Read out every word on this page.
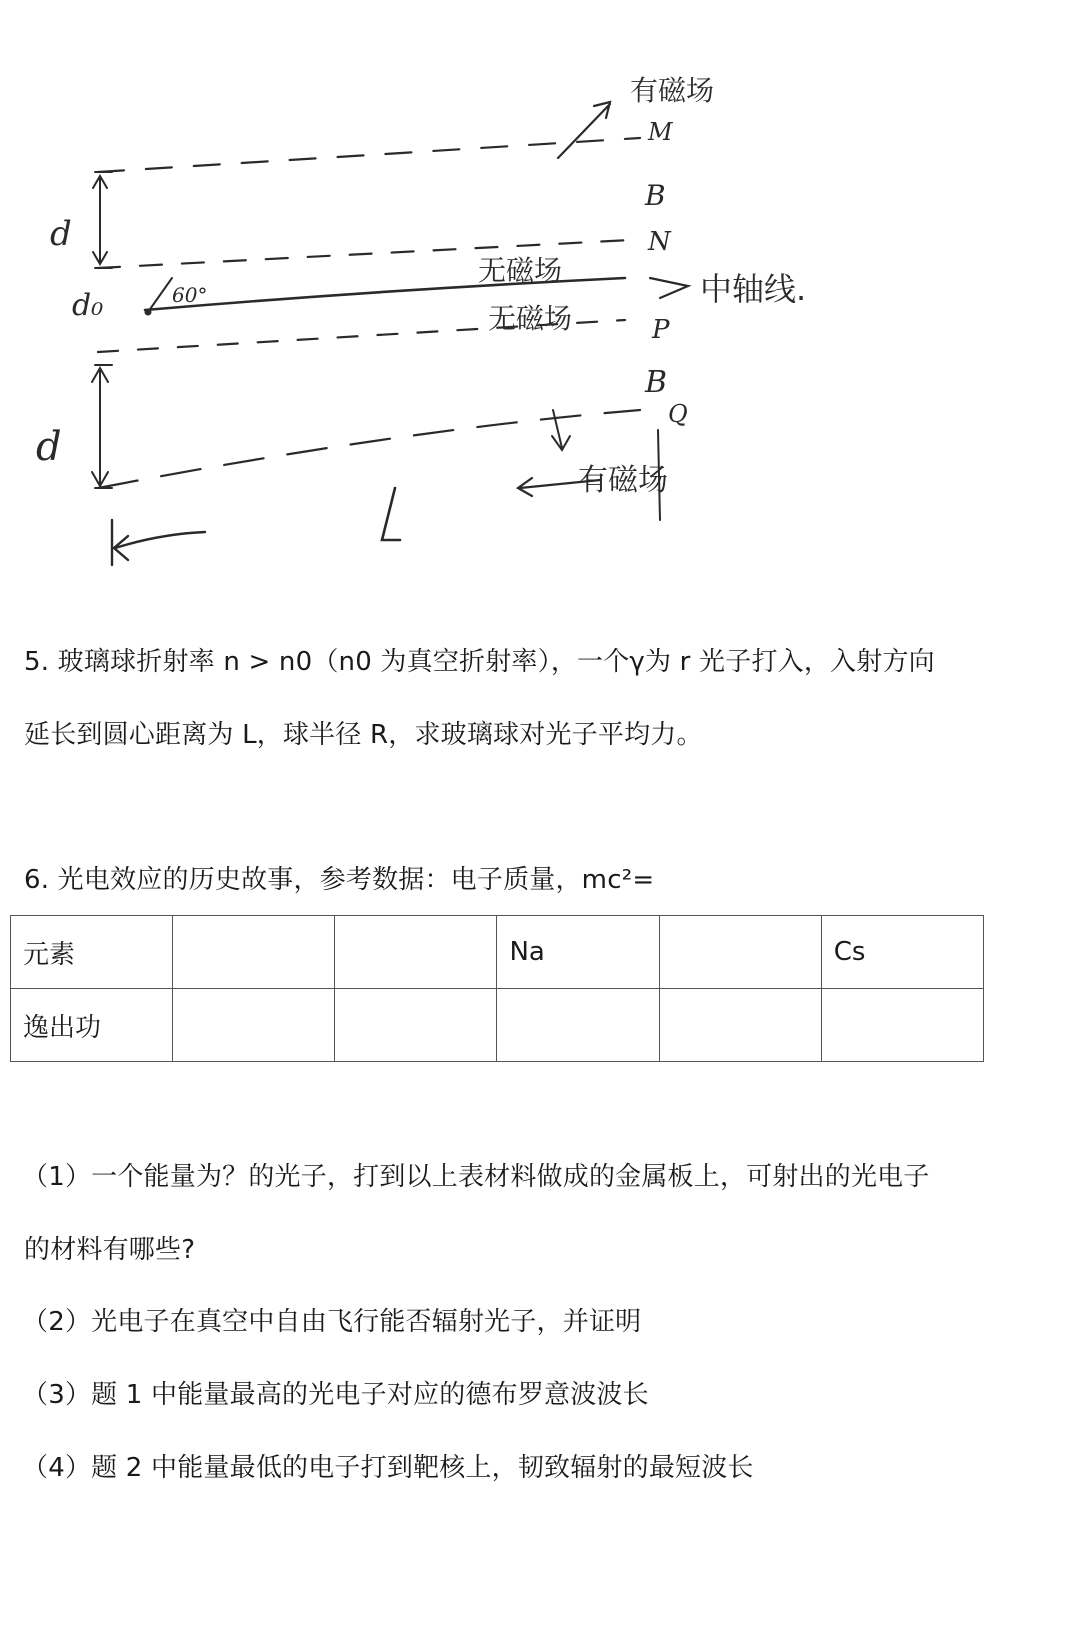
有磁场
M
B
N
d
d₀	60°
无磁场
无磁场
中轴线.
P
B
Q
d
有磁场
5. 玻璃球折射率 n > n0（n0 为真空折射率），一个γ为 r 光子打入，入射方向
延长到圆心距离为 L，球半径 R，求玻璃球对光子平均力。
6. 光电效应的历史故事，参考数据：电子质量，mc²=
元素			Na		Cs
逸出功					
（1）一个能量为？的光子，打到以上表材料做成的金属板上，可射出的光电子
的材料有哪些?
（2）光电子在真空中自由飞行能否辐射光子，并证明
（3）题 1 中能量最高的光电子对应的德布罗意波波长
（4）题 2 中能量最低的电子打到靶核上，韧致辐射的最短波长
